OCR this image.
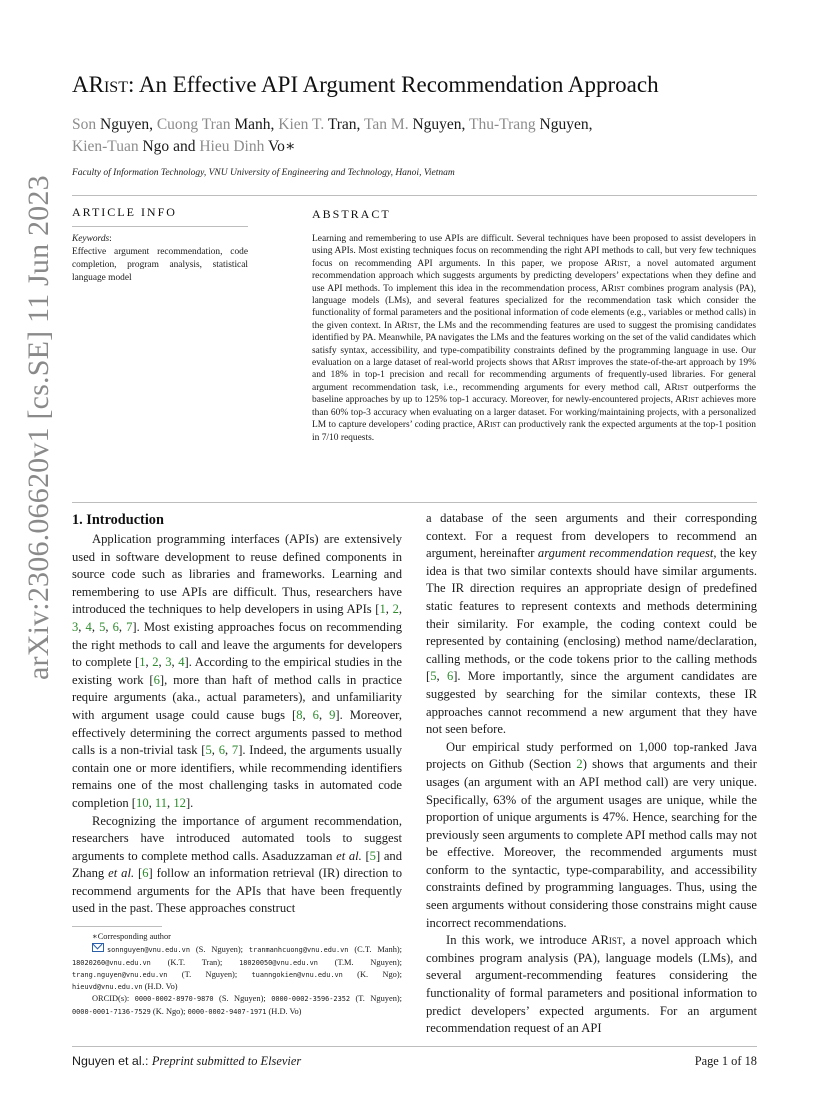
arXiv:2306.06620v1 [cs.SE] 11 Jun 2023
ARist: An Effective API Argument Recommendation Approach
Son Nguyen, Cuong Tran Manh, Kien T. Tran, Tan M. Nguyen, Thu-Trang Nguyen,
Kien-Tuan Ngo and Hieu Dinh Vo∗
Faculty of Information Technology, VNU University of Engineering and Technology, Hanoi, Vietnam
ARTICLE INFO
Keywords:
Effective argument recommendation, code completion, program analysis, statistical language model
ABSTRACT
Learning and remembering to use APIs are difficult. Several techniques have been proposed to assist developers in using APIs. Most existing techniques focus on recommending the right API methods to call, but very few techniques focus on recommending API arguments. In this paper, we propose ARist, a novel automated argument recommendation approach which suggests arguments by predicting developers’ expectations when they define and use API methods. To implement this idea in the recommendation process, ARist combines program analysis (PA), language models (LMs), and several features specialized for the recommendation task which consider the functionality of formal parameters and the positional information of code elements (e.g., variables or method calls) in the given context. In ARist, the LMs and the recommending features are used to suggest the promising candidates identified by PA. Meanwhile, PA navigates the LMs and the features working on the set of the valid candidates which satisfy syntax, accessibility, and type-compatibility constraints defined by the programming language in use. Our evaluation on a large dataset of real-world projects shows that ARist improves the state-of-the-art approach by 19% and 18% in top-1 precision and recall for recommending arguments of frequently-used libraries. For general argument recommendation task, i.e., recommending arguments for every method call, ARist outperforms the baseline approaches by up to 125% top-1 accuracy. Moreover, for newly-encountered projects, ARist achieves more than 60% top-3 accuracy when evaluating on a larger dataset. For working/maintaining projects, with a personalized LM to capture developers’ coding practice, ARist can productively rank the expected arguments at the top-1 position in 7/10 requests.
1. Introduction

Application programming interfaces (APIs) are extensively used in software development to reuse defined components in source code such as libraries and frameworks. Learning and remembering to use APIs are difficult. Thus, researchers have introduced the techniques to help developers in using APIs [1, 2, 3, 4, 5, 6, 7]. Most existing approaches focus on recommending the right methods to call and leave the arguments for developers to complete [1, 2, 3, 4]. According to the empirical studies in the existing work [6], more than haft of method calls in practice require arguments (aka., actual parameters), and unfamiliarity with argument usage could cause bugs [8, 6, 9]. Moreover, effectively determining the correct arguments passed to method calls is a non-trivial task [5, 6, 7]. Indeed, the arguments usually contain one or more identifiers, while recommending identifiers remains one of the most challenging tasks in automated code completion [10, 11, 12].

Recognizing the importance of argument recommendation, researchers have introduced automated tools to suggest arguments to complete method calls. Asaduzzaman et al. [5] and Zhang et al. [6] follow an information retrieval (IR) direction to recommend arguments for the APIs that have been frequently used in the past. These approaches construct

∗Corresponding author

sonnguyen@vnu.edu.vn (S. Nguyen); tranmanhcuong@vnu.edu.vn (C.T. Manh); 18020260@vnu.edu.vn (K.T. Tran); 18020050@vnu.edu.vn (T.M. Nguyen); trang.nguyen@vnu.edu.vn (T. Nguyen); tuanngokien@vnu.edu.vn (K. Ngo); hieuvd@vnu.edu.vn (H.D. Vo)

ORCID(s): 0000-0002-8970-9870 (S. Nguyen); 0000-0002-3596-2352 (T. Nguyen); 0000-0001-7136-7529 (K. Ngo); 0000-0002-9407-1971 (H.D. Vo)

a database of the seen arguments and their corresponding context. For a request from developers to recommend an argument, hereinafter argument recommendation request, the key idea is that two similar contexts should have similar arguments. The IR direction requires an appropriate design of predefined static features to represent contexts and methods determining their similarity. For example, the coding context could be represented by containing (enclosing) method name/declaration, calling methods, or the code tokens prior to the calling methods [5, 6]. More importantly, since the argument candidates are suggested by searching for the similar contexts, these IR approaches cannot recommend a new argument that they have not seen before.

Our empirical study performed on 1,000 top-ranked Java projects on Github (Section 2) shows that arguments and their usages (an argument with an API method call) are very unique. Specifically, 63% of the argument usages are unique, while the proportion of unique arguments is 47%. Hence, searching for the previously seen arguments to complete API method calls may not be effective. Moreover, the recommended arguments must conform to the syntactic, type-comparability, and accessibility constraints defined by programming languages. Thus, using the seen arguments without considering those constrains might cause incorrect recommendations.

In this work, we introduce ARist, a novel approach which combines program analysis (PA), language models (LMs), and several argument-recommending features considering the functionality of formal parameters and positional information to predict developers’ expected arguments. For an argument recommendation request of an API

Nguyen et al.: Preprint submitted to Elsevier	Page 1 of 18
